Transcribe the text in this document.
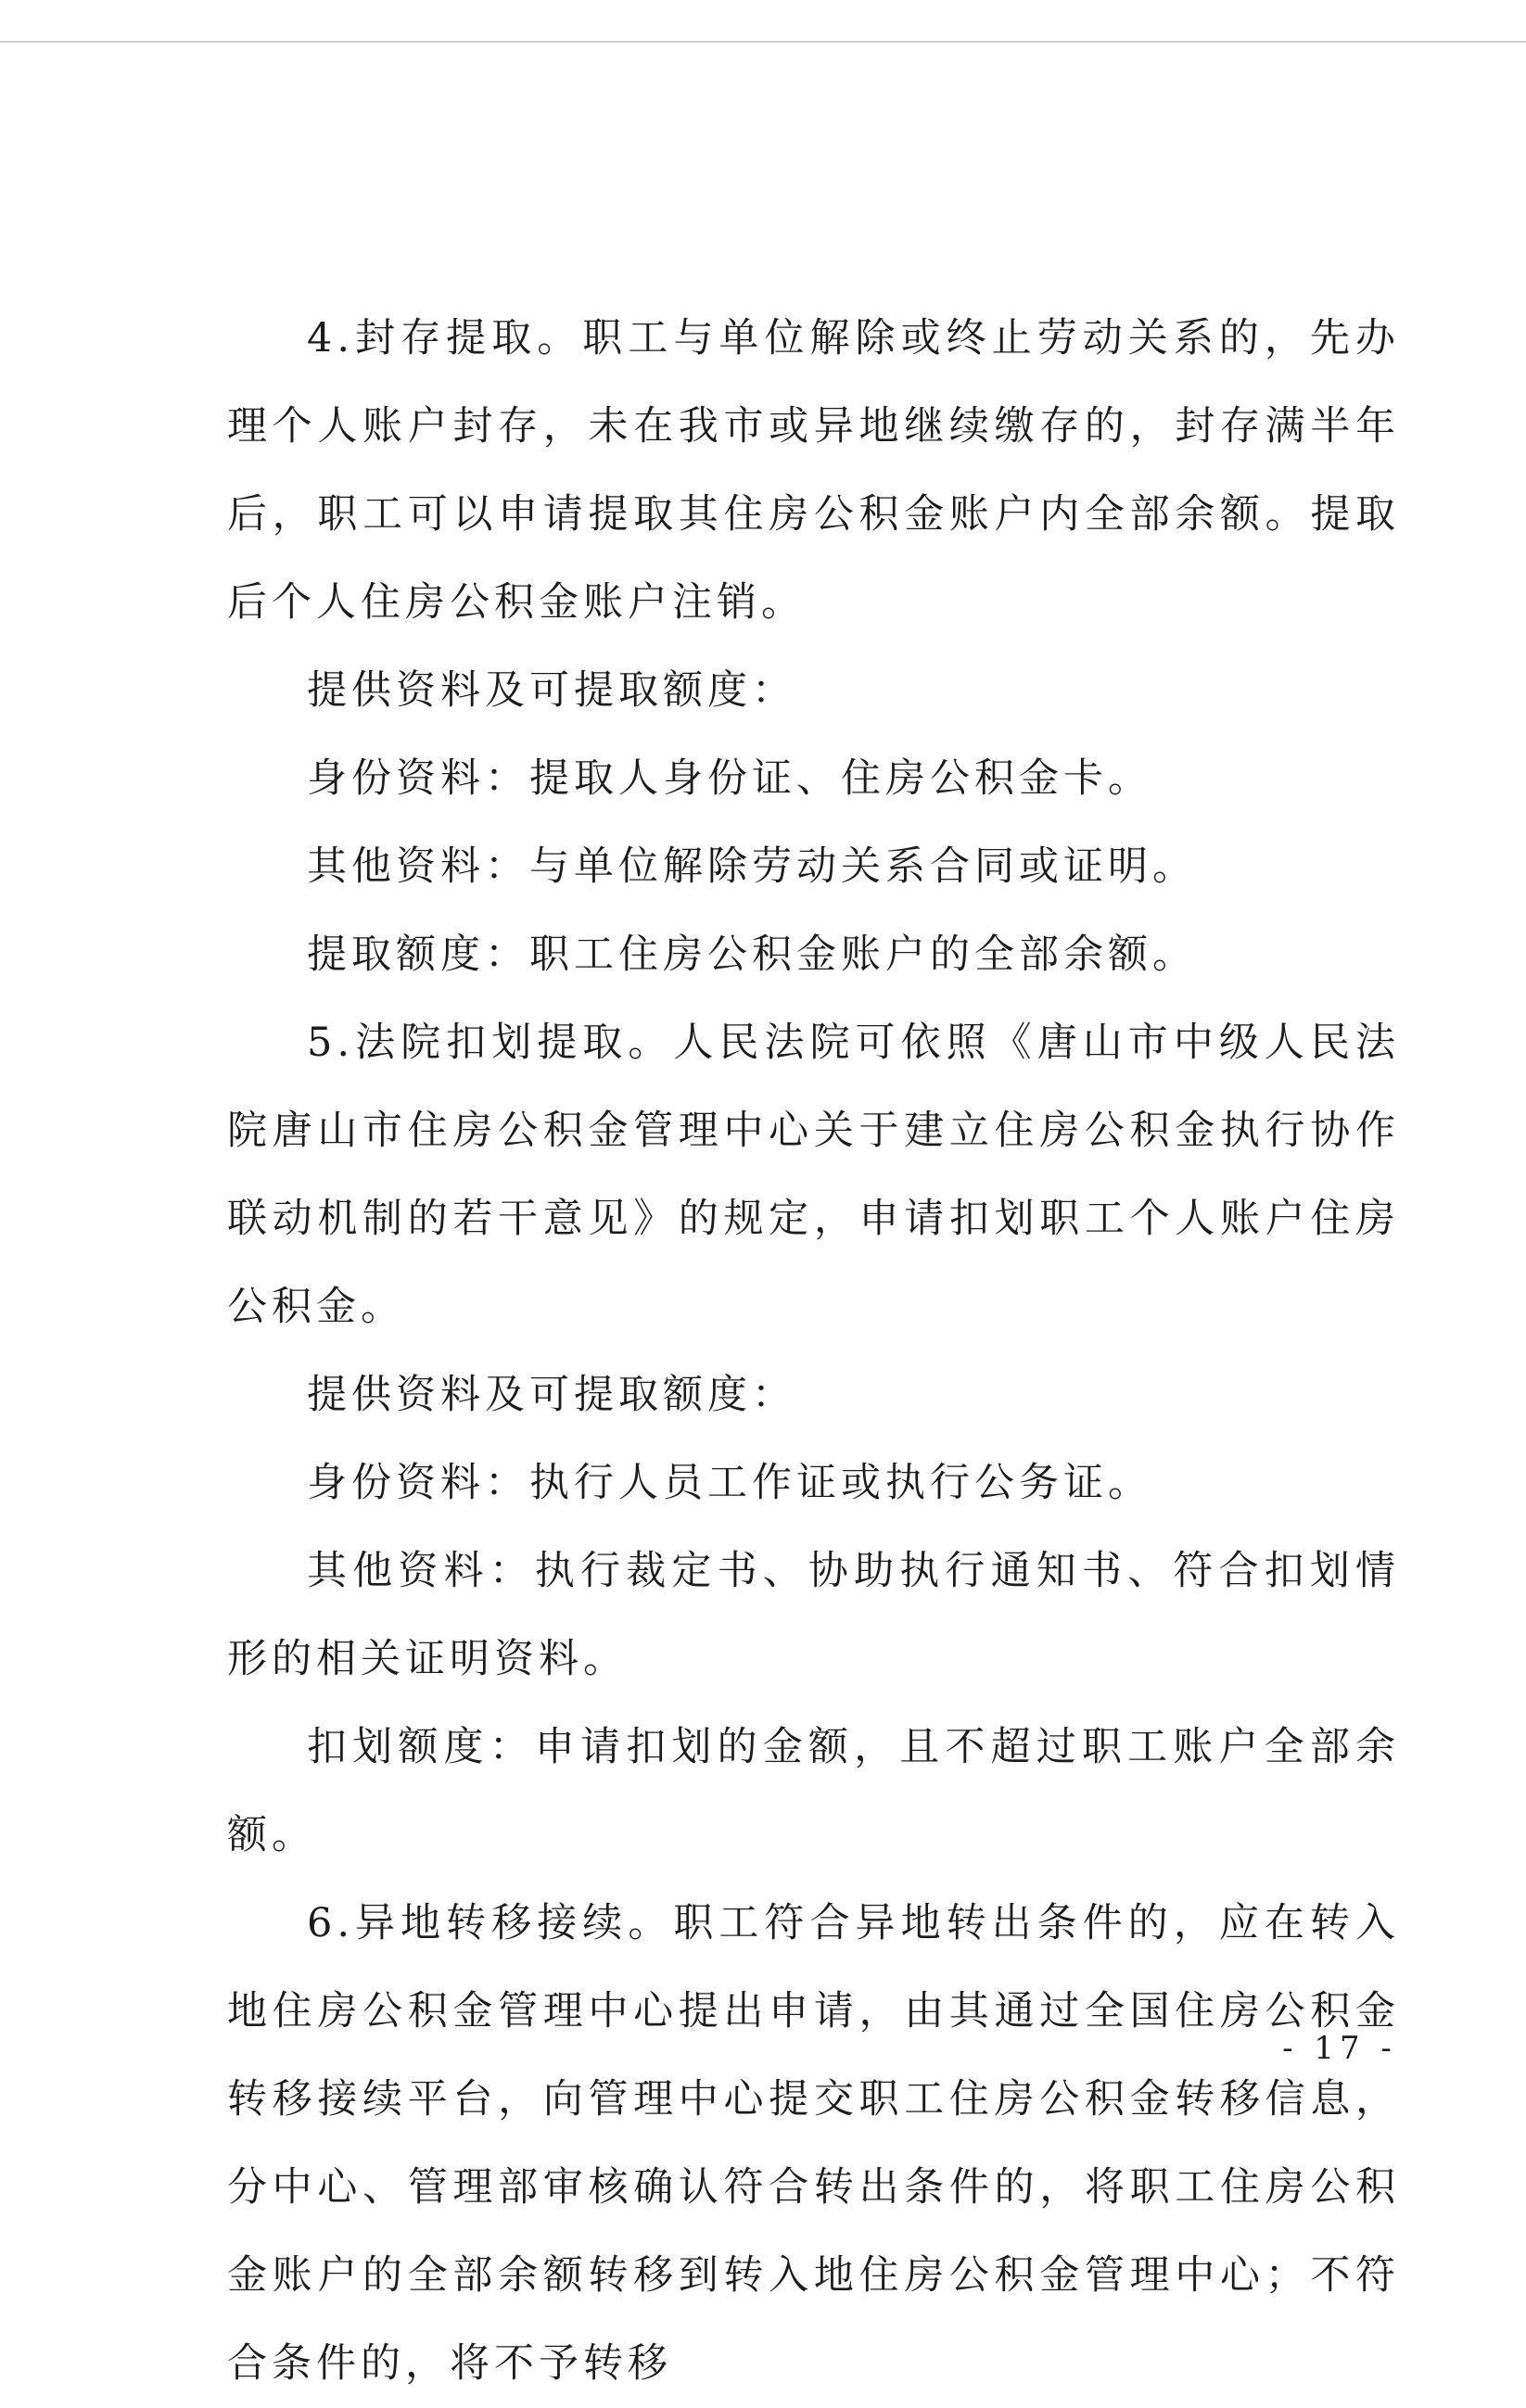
4.封存提取。职工与单位解除或终止劳动关系的，先办理个人账户封存，未在我市或异地继续缴存的，封存满半年后，职工可以申请提取其住房公积金账户内全部余额。提取后个人住房公积金账户注销。

提供资料及可提取额度：

身份资料：提取人身份证、住房公积金卡。

其他资料：与单位解除劳动关系合同或证明。

提取额度：职工住房公积金账户的全部余额。

5.法院扣划提取。人民法院可依照《唐山市中级人民法院唐山市住房公积金管理中心关于建立住房公积金执行协作联动机制的若干意见》的规定，申请扣划职工个人账户住房公积金。

提供资料及可提取额度：

身份资料：执行人员工作证或执行公务证。

其他资料：执行裁定书、协助执行通知书、符合扣划情形的相关证明资料。

扣划额度：申请扣划的金额，且不超过职工账户全部余额。

6.异地转移接续。职工符合异地转出条件的，应在转入地住房公积金管理中心提出申请，由其通过全国住房公积金转移接续平台，向管理中心提交职工住房公积金转移信息，分中心、管理部审核确认符合转出条件的，将职工住房公积金账户的全部余额转移到转入地住房公积金管理中心；不符合条件的，将不予转移

- 17 -
